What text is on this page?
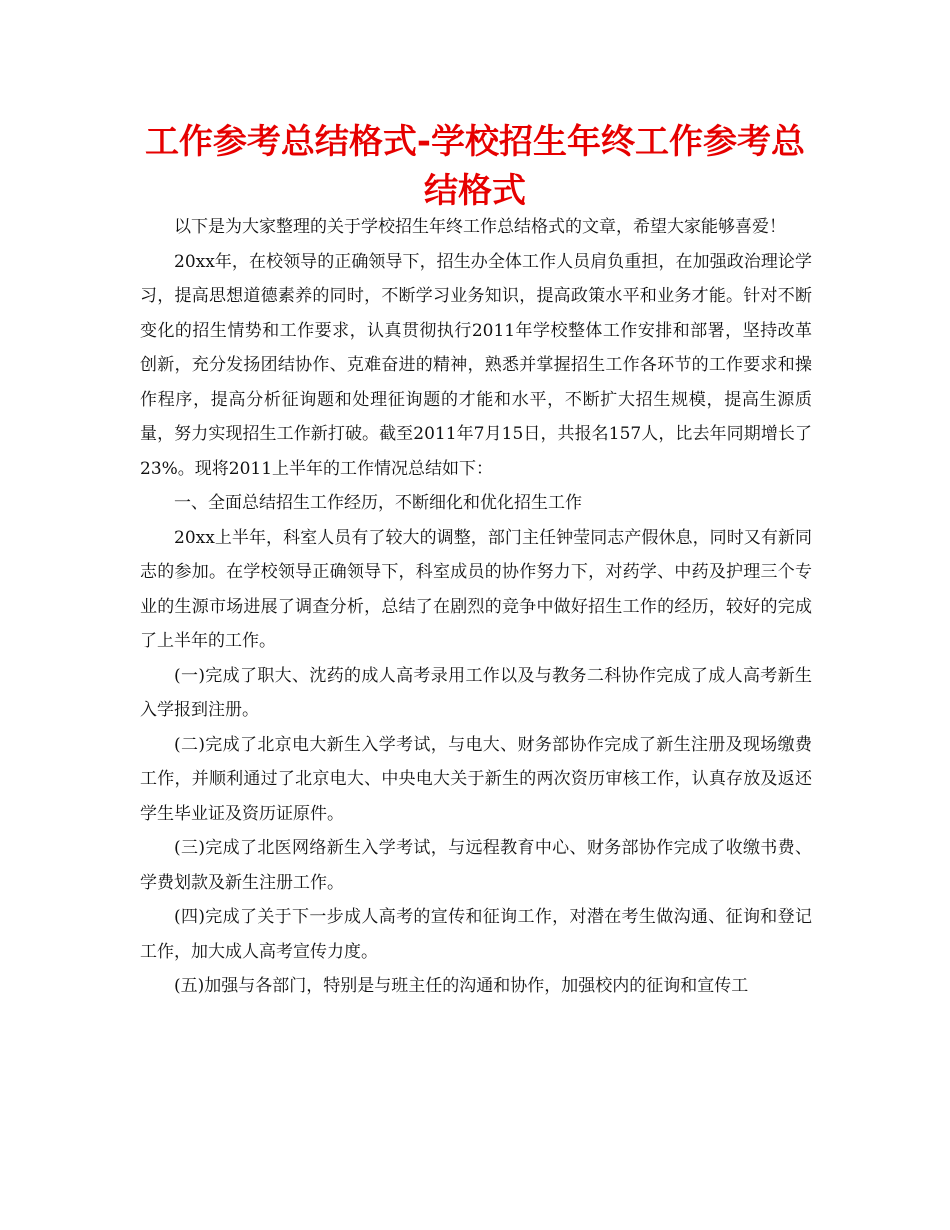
工作参考总结格式-学校招生年终工作参考总结格式

以下是为大家整理的关于学校招生年终工作总结格式的文章，希望大家能够喜爱！

20xx年，在校领导的正确领导下，招生办全体工作人员肩负重担，在加强政治理论学习，提高思想道德素养的同时，不断学习业务知识，提高政策水平和业务才能。针对不断变化的招生情势和工作要求，认真贯彻执行2011年学校整体工作安排和部署，坚持改革创新，充分发扬团结协作、克难奋进的精神，熟悉并掌握招生工作各环节的工作要求和操作程序，提高分析征询题和处理征询题的才能和水平，不断扩大招生规模，提高生源质量，努力实现招生工作新打破。截至2011年7月15日，共报名157人，比去年同期增长了23%。现将2011上半年的工作情况总结如下：

一、全面总结招生工作经历，不断细化和优化招生工作

20xx上半年，科室人员有了较大的调整，部门主任钟莹同志产假休息，同时又有新同志的参加。在学校领导正确领导下，科室成员的协作努力下，对药学、中药及护理三个专业的生源市场进展了调查分析，总结了在剧烈的竞争中做好招生工作的经历，较好的完成了上半年的工作。

(一)完成了职大、沈药的成人高考录用工作以及与教务二科协作完成了成人高考新生入学报到注册。

(二)完成了北京电大新生入学考试，与电大、财务部协作完成了新生注册及现场缴费工作，并顺利通过了北京电大、中央电大关于新生的两次资历审核工作，认真存放及返还学生毕业证及资历证原件。

(三)完成了北医网络新生入学考试，与远程教育中心、财务部协作完成了收缴书费、学费划款及新生注册工作。

(四)完成了关于下一步成人高考的宣传和征询工作，对潜在考生做沟通、征询和登记工作，加大成人高考宣传力度。

(五)加强与各部门，特别是与班主任的沟通和协作，加强校内的征询和宣传工
